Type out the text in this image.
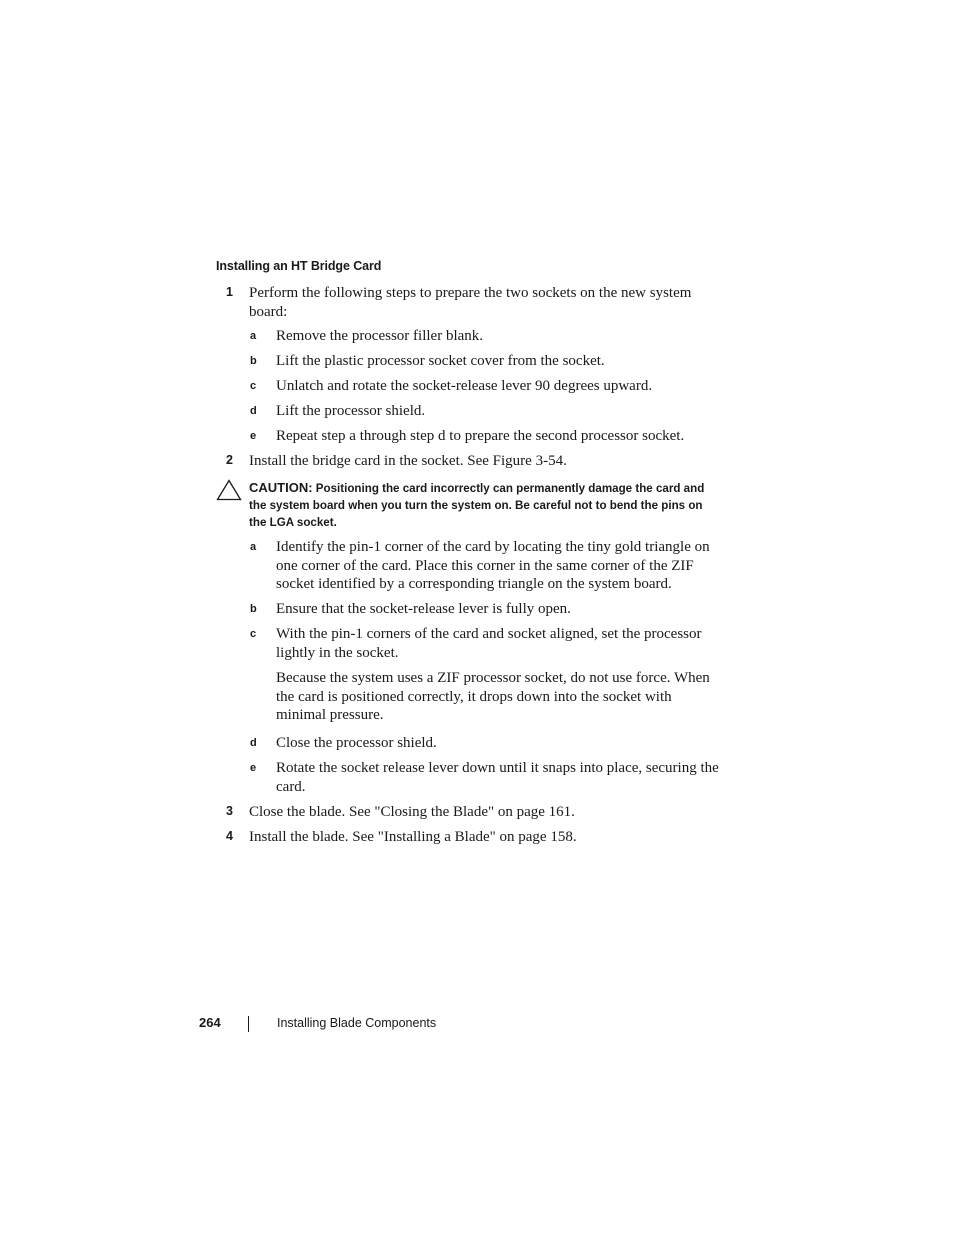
Installing an HT Bridge Card
1 Perform the following steps to prepare the two sockets on the new system board:
a Remove the processor filler blank.
b Lift the plastic processor socket cover from the socket.
c Unlatch and rotate the socket-release lever 90 degrees upward.
d Lift the processor shield.
e Repeat step a through step d to prepare the second processor socket.
2 Install the bridge card in the socket. See Figure 3-54.
CAUTION: Positioning the card incorrectly can permanently damage the card and the system board when you turn the system on. Be careful not to bend the pins on the LGA socket.
a Identify the pin-1 corner of the card by locating the tiny gold triangle on one corner of the card. Place this corner in the same corner of the ZIF socket identified by a corresponding triangle on the system board.
b Ensure that the socket-release lever is fully open.
c With the pin-1 corners of the card and socket aligned, set the processor lightly in the socket.
Because the system uses a ZIF processor socket, do not use force. When the card is positioned correctly, it drops down into the socket with minimal pressure.
d Close the processor shield.
e Rotate the socket release lever down until it snaps into place, securing the card.
3 Close the blade. See "Closing the Blade" on page 161.
4 Install the blade. See "Installing a Blade" on page 158.
264	Installing Blade Components
